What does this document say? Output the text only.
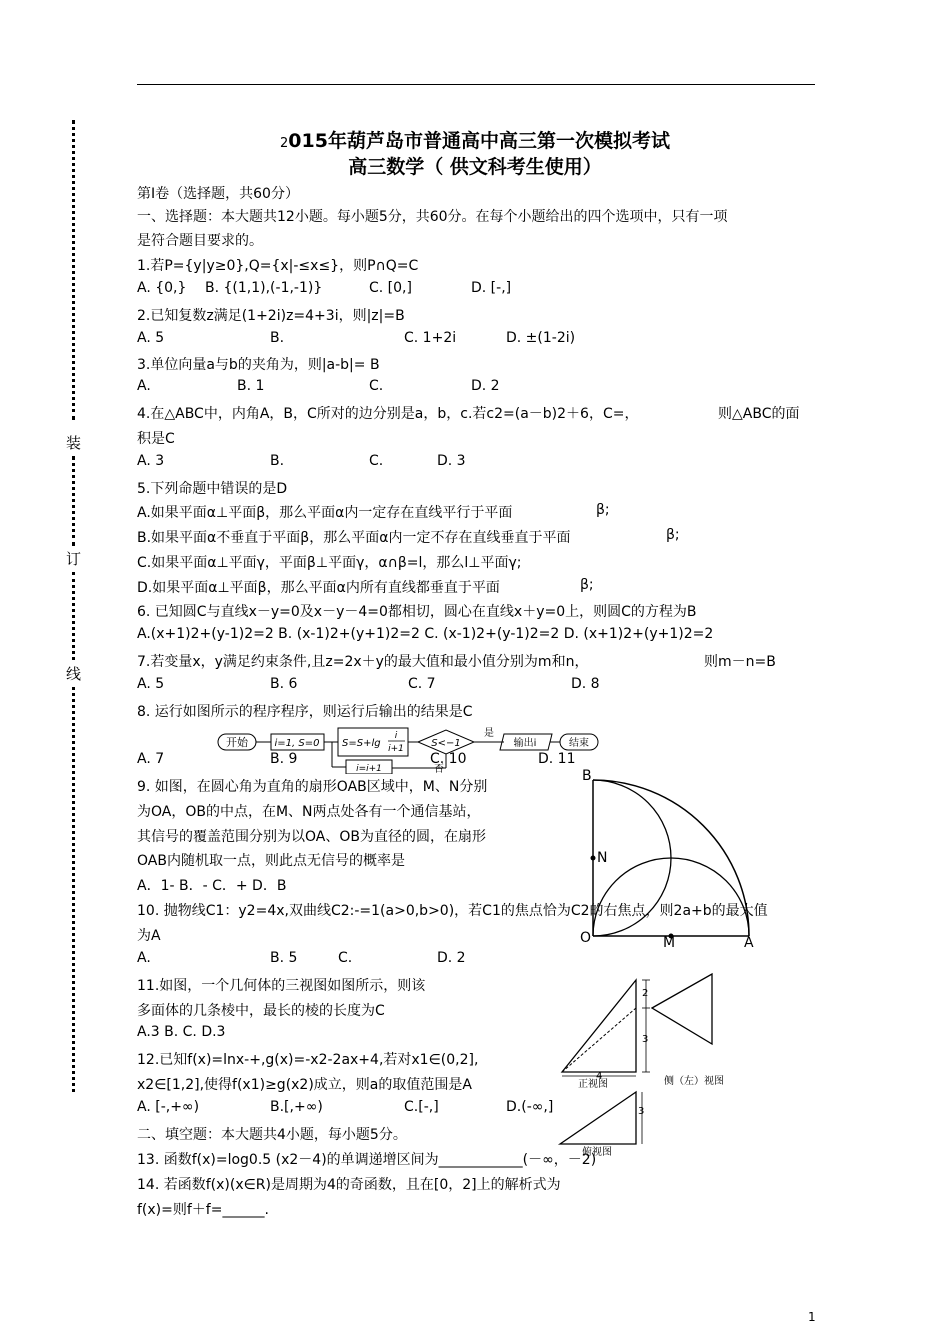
装
订
线
2015年葫芦岛市普通高中高三第一次模拟考试
高三数学（ 供文科考生使用）
第Ⅰ卷（选择题，共60分）
一、选择题：本大题共12小题。每小题5分，共60分。在每个小题给出的四个选项中，只有一项
是符合题目要求的。
1.若P={y|y≥0},Q={x|-≤x≤}，则P∩Q=C
A. {0,} B. {(1,1),(-1,-1)}	C. [0,]	D. [-,]
2.已知复数z满足(1+2i)z=4+3i，则|z|=B
A. 5	B.	C. 1+2i	D. ±(1-2i)
3.单位向量a与b的夹角为，则|a-b|= B
A.	B. 1	C.	D. 2
4.在△ABC中，内角A，B，C所对的边分别是a，b，c.若c2=(a－b)2＋6，C=，	则△ABC的面
积是C
A. 3	B.	C.	D. 3
5.下列命题中错误的是D
A.如果平面α⊥平面β，那么平面α内一定存在直线平行于平面	β;
B.如果平面α不垂直于平面β，那么平面α内一定不存在直线垂直于平面	β;
C.如果平面α⊥平面γ，平面β⊥平面γ，α∩β=l，那么l⊥平面γ;
D.如果平面α⊥平面β，那么平面α内所有直线都垂直于平面	β;
6. 已知圆C与直线x－y=0及x－y－4=0都相切，圆心在直线x＋y=0上，则圆C的方程为B
A.(x+1)2+(y-1)2=2 B. (x-1)2+(y+1)2=2 C. (x-1)2+(y-1)2=2 D. (x+1)2+(y+1)2=2
7.若变量x，y满足约束条件,且z=2x＋y的最大值和最小值分别为m和n，	则m－n=B
A. 5	B. 6	C. 7	D. 8
8. 运行如图所示的程序程序，则运行后输出的结果是C
开始	i=1, S=0 S=S+lg
i
i+1	S<−1
是
输出i	结束
否
i=i+1
A. 7	B. 9	C. 10	D. 11
9. 如图，在圆心角为直角的扇形OAB区域中，M、N分别
为OA，OB的中点，在M、N两点处各有一个通信基站，
其信号的覆盖范围分别为以OA、OB为直径的圆，在扇形
OAB内随机取一点，则此点无信号的概率是
A．1- B．- C．+ D．B
B
N
O	M	A
10. 抛物线C1：y2=4x,双曲线C2:-=1(a>0,b>0)，若C1的焦点恰为C2的右焦点，则2a+b的最大值
为A
A.	B. 5	C.	D. 2
11.如图，一个几何体的三视图如图所示，则该
多面体的几条棱中，最长的棱的长度为C
A.3 B. C. D.3
4
正视图
2
3
侧（左）视图
3
俯视图
12.已知f(x)=lnx-+,g(x)=-x2-2ax+4,若对x1∈(0,2],
x2∈[1,2],使得f(x1)≥g(x2)成立，则a的取值范围是A
A. [-,+∞)	B.[,+∞)	C.[-,]	D.(-∞,]
二、填空题：本大题共4小题，每小题5分。
13. 函数f(x)=log0.5 (x2－4)的单调递增区间为____________(－∞，－2)
14. 若函数f(x)(x∈R)是周期为4的奇函数，且在[0，2]上的解析式为
f(x)=则f＋f=______.
1
